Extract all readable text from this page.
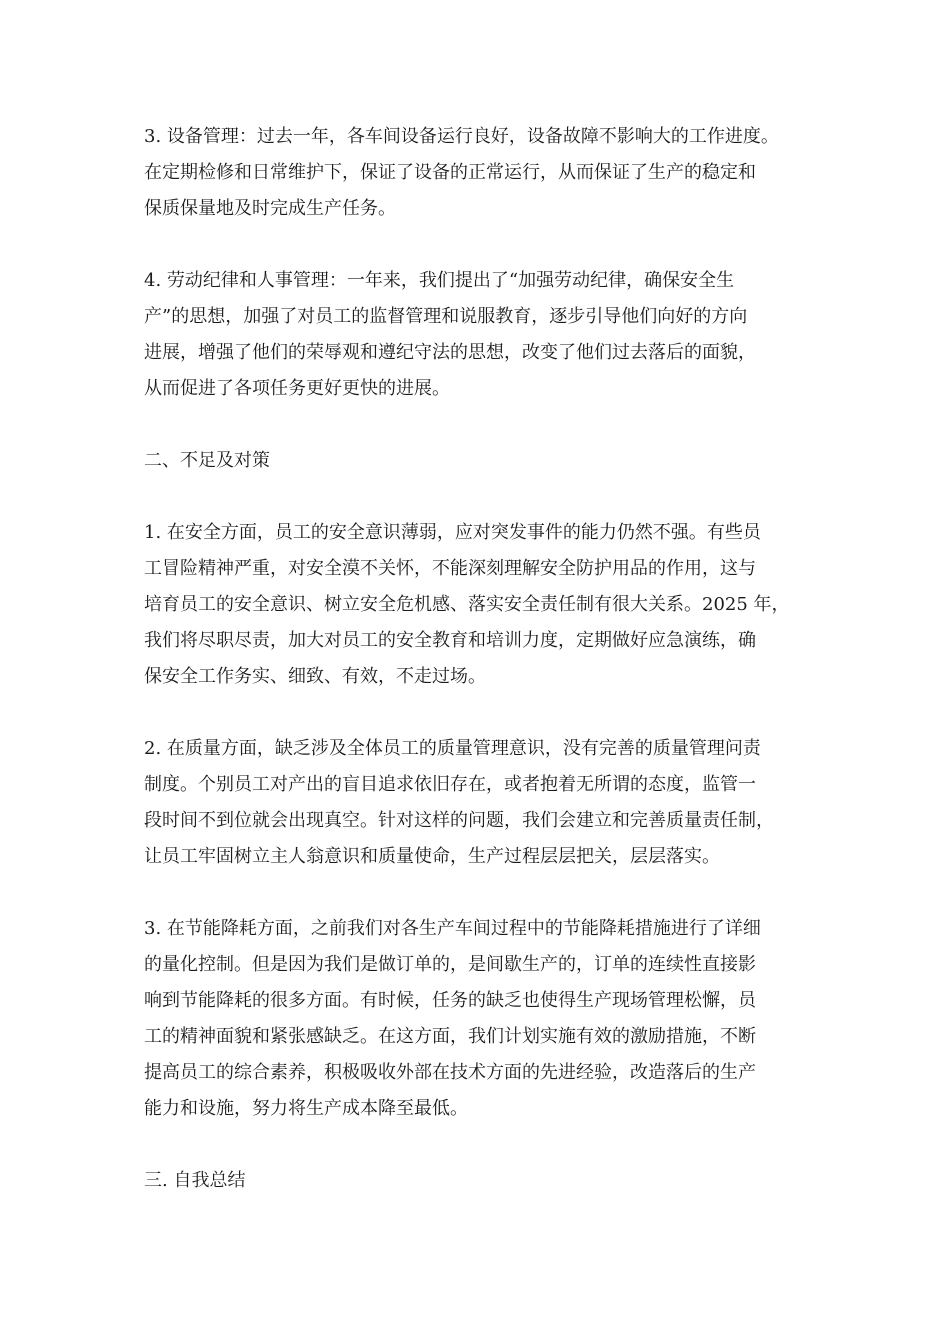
3. 设备管理：过去一年，各车间设备运行良好，设备故障不影响大的工作进度。
在定期检修和日常维护下，保证了设备的正常运行，从而保证了生产的稳定和
保质保量地及时完成生产任务。

4. 劳动纪律和人事管理：一年来，我们提出了“加强劳动纪律，确保安全生
产”的思想，加强了对员工的监督管理和说服教育，逐步引导他们向好的方向
进展，增强了他们的荣辱观和遵纪守法的思想，改变了他们过去落后的面貌，
从而促进了各项任务更好更快的进展。

二、不足及对策

1. 在安全方面，员工的安全意识薄弱，应对突发事件的能力仍然不强。有些员
工冒险精神严重，对安全漠不关怀，不能深刻理解安全防护用品的作用，这与
培育员工的安全意识、树立安全危机感、落实安全责任制有很大关系。2025 年，
我们将尽职尽责，加大对员工的安全教育和培训力度，定期做好应急演练，确
保安全工作务实、细致、有效，不走过场。

2. 在质量方面，缺乏涉及全体员工的质量管理意识，没有完善的质量管理问责
制度。个别员工对产出的盲目追求依旧存在，或者抱着无所谓的态度，监管一
段时间不到位就会出现真空。针对这样的问题，我们会建立和完善质量责任制，
让员工牢固树立主人翁意识和质量使命，生产过程层层把关，层层落实。

3. 在节能降耗方面，之前我们对各生产车间过程中的节能降耗措施进行了详细
的量化控制。但是因为我们是做订单的，是间歇生产的，订单的连续性直接影
响到节能降耗的很多方面。有时候，任务的缺乏也使得生产现场管理松懈，员
工的精神面貌和紧张感缺乏。在这方面，我们计划实施有效的激励措施，不断
提高员工的综合素养，积极吸收外部在技术方面的先进经验，改造落后的生产
能力和设施，努力将生产成本降至最低。

三. 自我总结
